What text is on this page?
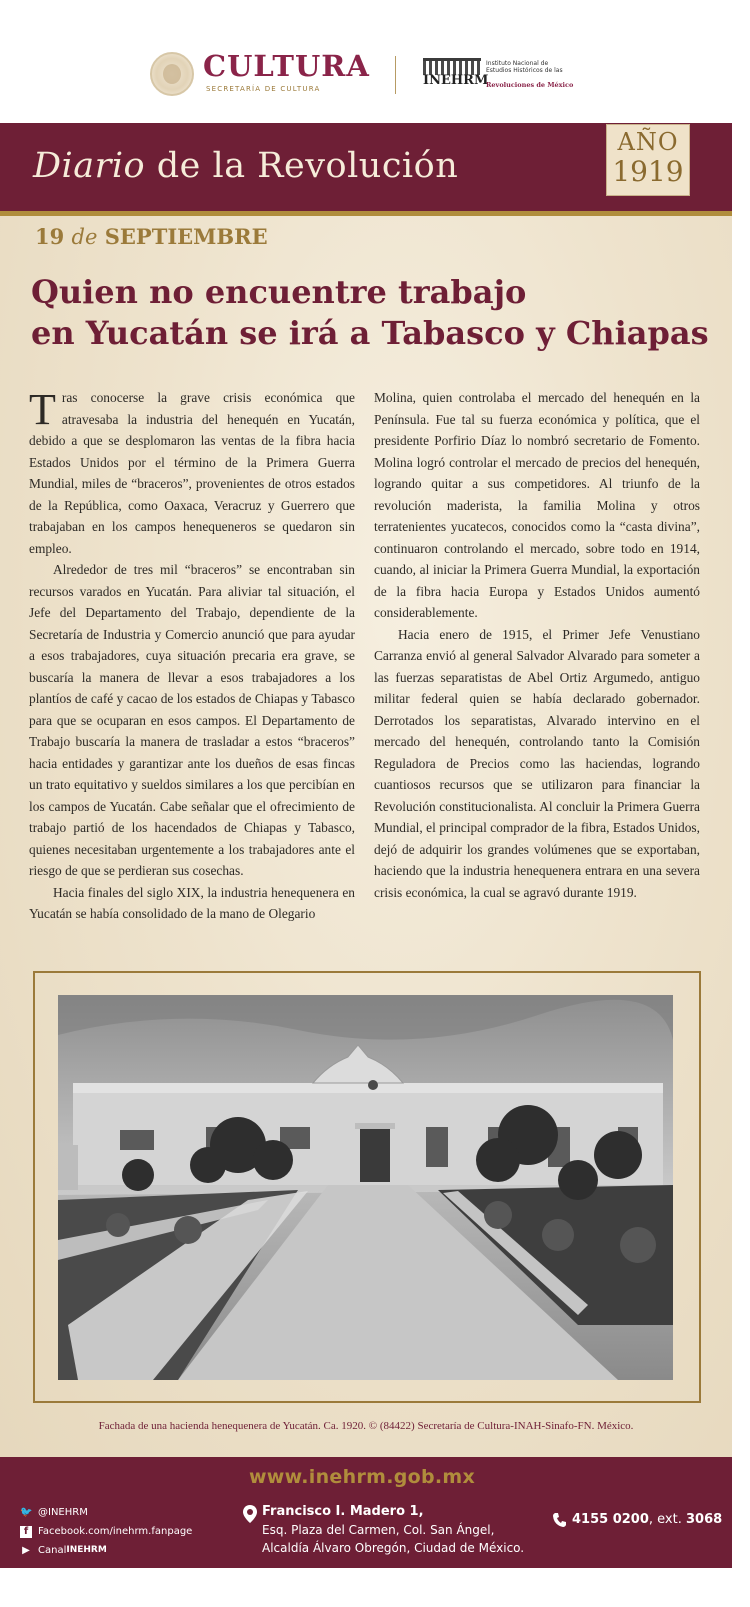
CULTURA
SECRETARÍA DE CULTURA
INEHRM
Instituto Nacional de
Estudios Históricos de las
Revoluciones de México
Diario de la Revolución
AÑO
1919
19 de SEPTIEMBRE
Quien no encuentre trabajo
en Yucatán se irá a Tabasco y Chiapas

Tras conocerse la grave crisis económica que atravesaba la industria del henequén en Yucatán, debido a que se desplomaron las ventas de la fibra hacia Estados Unidos por el término de la Primera Guerra Mundial, miles de “braceros”, provenientes de otros estados de la República, como Oaxaca, Veracruz y Guerrero que trabajaban en los campos henequeneros se quedaron sin empleo.

Alrededor de tres mil “braceros” se encontraban sin recursos varados en Yucatán. Para aliviar tal situación, el Jefe del Departamento del Trabajo, dependiente de la Secretaría de Industria y Comercio anunció que para ayudar a esos trabajadores, cuya situación precaria era grave, se buscaría la manera de llevar a esos trabajadores a los plantíos de café y cacao de los estados de Chiapas y Tabasco para que se ocuparan en esos campos. El Departamento de Trabajo buscaría la manera de trasladar a estos “braceros” hacia entidades y garantizar ante los dueños de esas fincas un trato equitativo y sueldos similares a los que percibían en los campos de Yucatán. Cabe señalar que el ofrecimiento de trabajo partió de los hacendados de Chiapas y Tabasco, quienes necesitaban urgentemente a los trabajadores ante el riesgo de que se perdieran sus cosechas.

Hacia finales del siglo XIX, la industria henequenera en Yucatán se había consolidado de la mano de Olegario

Molina, quien controlaba el mercado del henequén en la Península. Fue tal su fuerza económica y política, que el presidente Porfirio Díaz lo nombró secretario de Fomento. Molina logró controlar el mercado de precios del henequén, logrando quitar a sus competidores. Al triunfo de la revolución maderista, la familia Molina y otros terratenientes yucatecos, conocidos como la “casta divina”, continuaron controlando el mercado, sobre todo en 1914, cuando, al iniciar la Primera Guerra Mundial, la exportación de la fibra hacia Europa y Estados Unidos aumentó considerablemente.

Hacia enero de 1915, el Primer Jefe Venustiano Carranza envió al general Salvador Alvarado para someter a las fuerzas separatistas de Abel Ortiz Argumedo, antiguo militar federal quien se había declarado gobernador. Derrotados los separatistas, Alvarado intervino en el mercado del henequén, controlando tanto la Comisión Reguladora de Precios como las haciendas, logrando cuantiosos recursos que se utilizaron para financiar la Revolución constitucionalista. Al concluir la Primera Guerra Mundial, el principal comprador de la fibra, Estados Unidos, dejó de adquirir los grandes volúmenes que se exportaban, haciendo que la industria henequenera entrara en una severa crisis económica, la cual se agravó durante 1919.

Fachada de una hacienda henequenera de Yucatán. Ca. 1920. © (84422) Secretaría de Cultura-INAH-Sinafo-FN. México.
www.inehrm.gob.mx
🐦 @INEHRM
f Facebook.com/inehrm.fanpage
▶ Canal INEHRM
Francisco I. Madero 1,
Esq. Plaza del Carmen, Col. San Ángel,
Alcaldía Álvaro Obregón, Ciudad de México.
4155 0200, ext. 3068
